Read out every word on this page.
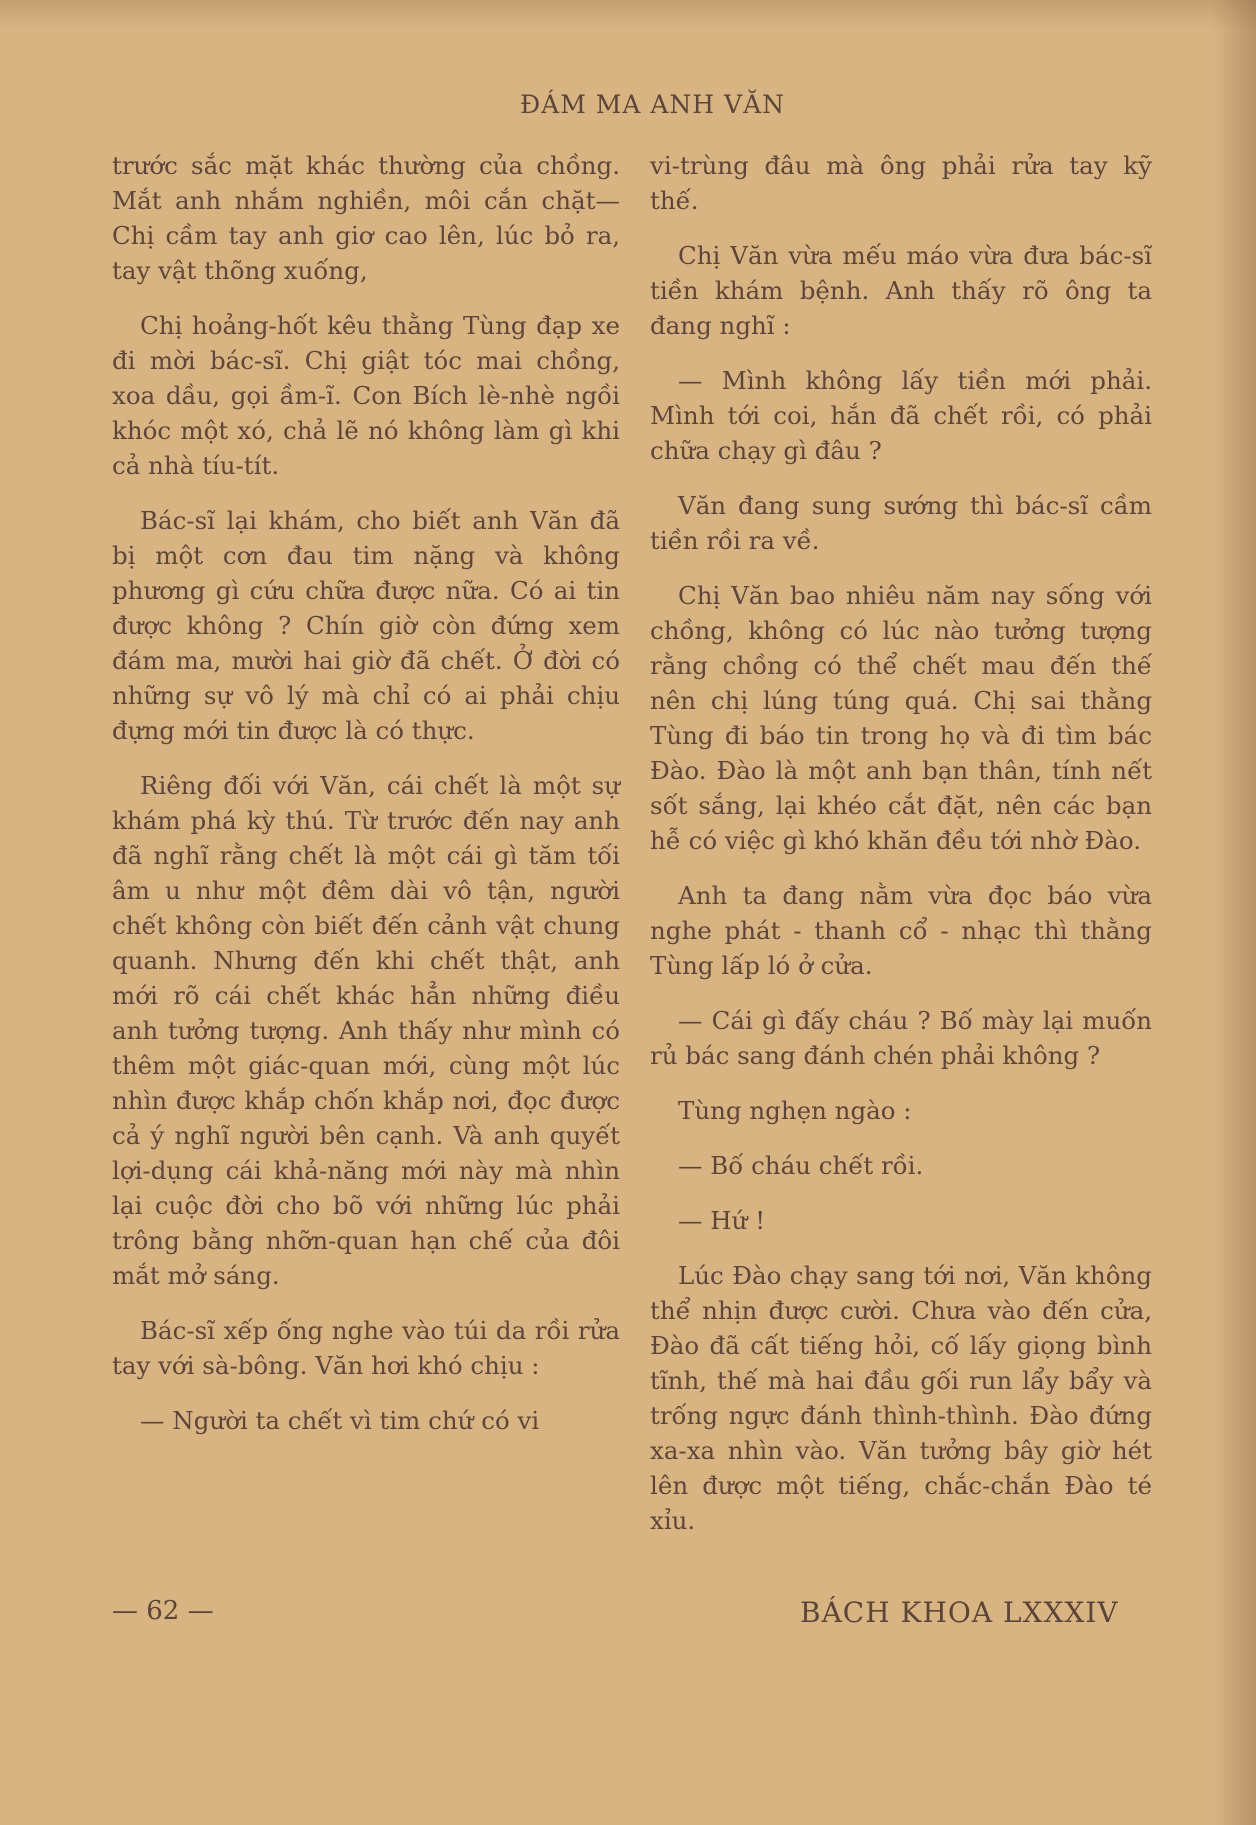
ĐÁM MA ANH VĂN

trước sắc mặt khác thường của chồng. Mắt anh nhắm nghiền, môi cắn chặt— Chị cầm tay anh giơ cao lên, lúc bỏ ra, tay vật thõng xuống,

Chị hoảng-hốt kêu thằng Tùng đạp xe đi mời bác-sĩ. Chị giật tóc mai chồng, xoa dầu, gọi ầm-ĩ. Con Bích lè-nhè ngồi khóc một xó, chả lẽ nó không làm gì khi cả nhà tíu-tít.

Bác-sĩ lại khám, cho biết anh Văn đã bị một cơn đau tim nặng và không phương gì cứu chữa được nữa. Có ai tin được không ? Chín giờ còn đứng xem đám ma, mười hai giờ đã chết. Ở đời có những sự vô lý mà chỉ có ai phải chịu đựng mới tin được là có thực.

Riêng đối với Văn, cái chết là một sự khám phá kỳ thú. Từ trước đến nay anh đã nghĩ rằng chết là một cái gì tăm tối âm u như một đêm dài vô tận, người chết không còn biết đến cảnh vật chung quanh. Nhưng đến khi chết thật, anh mới rõ cái chết khác hẳn những điều anh tưởng tượng. Anh thấy như mình có thêm một giác-quan mới, cùng một lúc nhìn được khắp chốn khắp nơi, đọc được cả ý nghĩ người bên cạnh. Và anh quyết lợi-dụng cái khả-năng mới này mà nhìn lại cuộc đời cho bõ với những lúc phải trông bằng nhỡn-quan hạn chế của đôi mắt mở sáng.

Bác-sĩ xếp ống nghe vào túi da rồi rửa tay với sà-bông. Văn hơi khó chịu :

— Người ta chết vì tim chứ có vi

vi-trùng đâu mà ông phải rửa tay kỹ thế.

Chị Văn vừa mếu máo vừa đưa bác-sĩ tiền khám bệnh. Anh thấy rõ ông ta đang nghĩ :

— Mình không lấy tiền mới phải. Mình tới coi, hắn đã chết rồi, có phải chữa chạy gì đâu ?

Văn đang sung sướng thì bác-sĩ cầm tiền rồi ra về.

Chị Văn bao nhiêu năm nay sống với chồng, không có lúc nào tưởng tượng rằng chồng có thể chết mau đến thế nên chị lúng túng quá. Chị sai thằng Tùng đi báo tin trong họ và đi tìm bác Đào. Đào là một anh bạn thân, tính nết sốt sắng, lại khéo cắt đặt, nên các bạn hễ có việc gì khó khăn đều tới nhờ Đào.

Anh ta đang nằm vừa đọc báo vừa nghe phát - thanh cổ - nhạc thì thằng Tùng lấp ló ở cửa.

— Cái gì đấy cháu ? Bố mày lại muốn rủ bác sang đánh chén phải không ?

Tùng nghẹn ngào :

— Bố cháu chết rồi.

— Hứ !

Lúc Đào chạy sang tới nơi, Văn không thể nhịn được cười. Chưa vào đến cửa, Đào đã cất tiếng hỏi, cố lấy giọng bình tĩnh, thế mà hai đầu gối run lẩy bẩy và trống ngực đánh thình-thình. Đào đứng xa-xa nhìn vào. Văn tưởng bây giờ hét lên được một tiếng, chắc-chắn Đào té xỉu.

— 62 —	BÁCH KHOA LXXXIV
